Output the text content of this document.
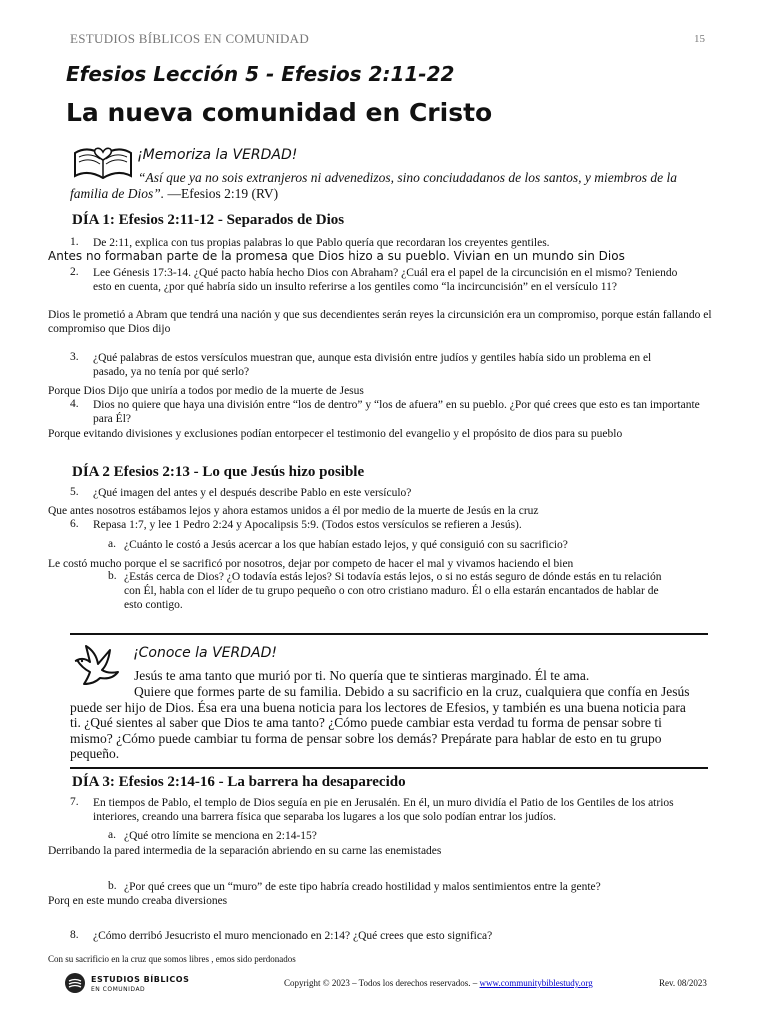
ESTUDIOS BÍBLICOS EN COMUNIDAD	15
Efesios Lección 5 - Efesios 2:11-22
La nueva comunidad en Cristo
¡Memoriza la VERDAD!
“Así que ya no sois extranjeros ni advenedizos, sino conciudadanos de los santos, y miembros de la familia de Dios”. —Efesios 2:19 (RV)
DÍA 1: Efesios 2:11-12 - Separados de Dios
1. De 2:11, explica con tus propias palabras lo que Pablo quería que recordaran los creyentes gentiles.
Antes no formaban parte de la promesa que Dios hizo a su pueblo. Vivian en un mundo sin Dios
2. Lee Génesis 17:3-14. ¿Qué pacto había hecho Dios con Abraham? ¿Cuál era el papel de la circuncisión en el mismo? Teniendo esto en cuenta, ¿por qué habría sido un insulto referirse a los gentiles como “la incircuncisión” en el versículo 11?
Dios le prometió a Abram que tendrá una nación y que sus decendientes serán reyes la circunsición era un compromiso, porque están fallando el compromiso que Dios dijo
3. ¿Qué palabras de estos versículos muestran que, aunque esta división entre judíos y gentiles había sido un problema en el pasado, ya no tenía por qué serlo?
Porque Dios Dijo que uniría a todos por medio de la muerte de Jesus
4. Dios no quiere que haya una división entre “los de dentro” y “los de afuera” en su pueblo. ¿Por qué crees que esto es tan importante para Él?
Porque evitando divisiones y exclusiones podían entorpecer el testimonio del evangelio y el propósito de dios para su pueblo
DÍA 2 Efesios 2:13 - Lo que Jesús hizo posible
5. ¿Qué imagen del antes y el después describe Pablo en este versículo?
Que antes nosotros estábamos lejos y ahora estamos unidos a él por medio de la muerte de Jesús en la cruz
6. Repasa 1:7, y lee 1 Pedro 2:24 y Apocalipsis 5:9. (Todos estos versículos se refieren a Jesús).
a. ¿Cuánto le costó a Jesús acercar a los que habían estado lejos, y qué consiguió con su sacrificio?
Le costó mucho porque el se sacrificó por nosotros, dejar por competo de hacer el mal y vivamos haciendo el bien
b. ¿Estás cerca de Dios? ¿O todavía estás lejos? Si todavía estás lejos, o si no estás seguro de dónde estás en tu relación con Él, habla con el líder de tu grupo pequeño o con otro cristiano maduro. Él o ella estarán encantados de hablar de esto contigo.
¡Conoce la VERDAD!
Jesús te ama tanto que murió por ti. No quería que te sintieras marginado. Él te ama.
Quiere que formes parte de su familia. Debido a su sacrificio en la cruz, cualquiera que confía en Jesús puede ser hijo de Dios. Ésa era una buena noticia para los lectores de Efesios, y también es una buena noticia para ti. ¿Qué sientes al saber que Dios te ama tanto? ¿Cómo puede cambiar esta verdad tu forma de pensar sobre ti mismo? ¿Cómo puede cambiar tu forma de pensar sobre los demás? Prepárate para hablar de esto en tu grupo pequeño.
DÍA 3: Efesios 2:14-16 - La barrera ha desaparecido
7. En tiempos de Pablo, el templo de Dios seguía en pie en Jerusalén. En él, un muro dividía el Patio de los Gentiles de los atrios interiores, creando una barrera física que separaba los lugares a los que solo podían entrar los judíos.
a. ¿Qué otro límite se menciona en 2:14-15?
Derribando la pared intermedia de la separación abriendo en su carne las enemistades
b. ¿Por qué crees que un “muro” de este tipo habría creado hostilidad y malos sentimientos entre la gente?
Porq en este mundo creaba diversiones
8. ¿Cómo derribó Jesucristo el muro mencionado en 2:14? ¿Qué crees que esto significa?
Con su sacrificio en la cruz que somos libres , emos sido perdonados
ESTUDIOS BÍBLICOS
EN COMUNIDAD
Copyright © 2023 – Todos los derechos reservados. – www.communitybiblestudy.org	Rev. 08/2023
